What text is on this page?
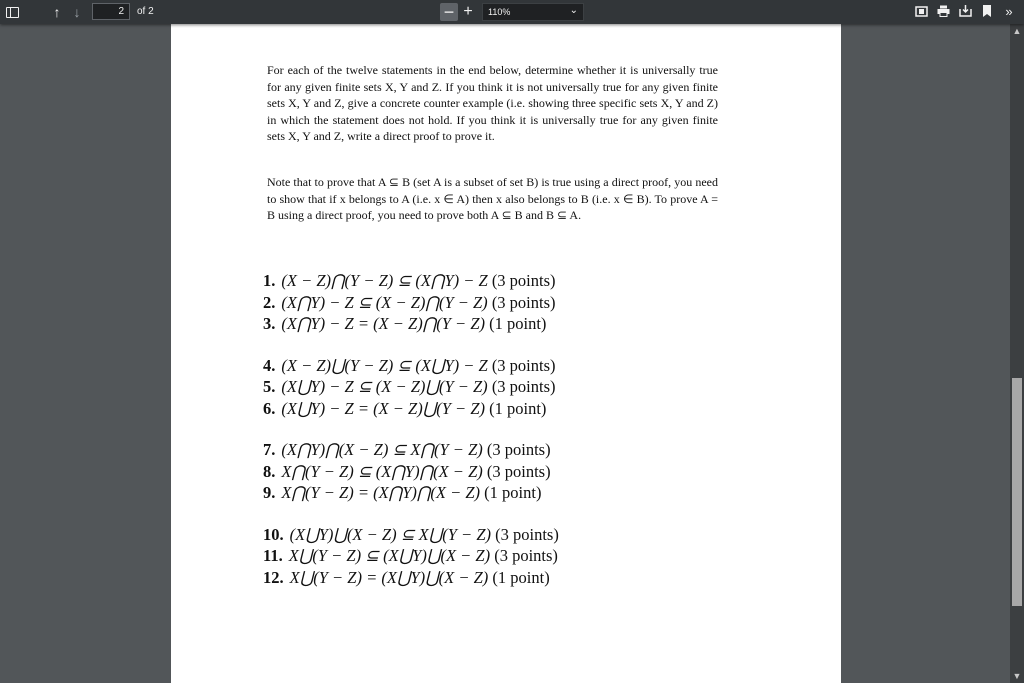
↑ ↓	2	of 2	− +	110%	⌄	»
For each of the twelve statements in the end below, determine whether it is universally true for any given finite sets X, Y and Z. If you think it is not universally true for any given finite sets X, Y and Z, give a concrete counter example (i.e. showing three specific sets X, Y and Z) in which the statement does not hold. If you think it is universally true for any given finite sets X, Y and Z, write a direct proof to prove it.
Note that to prove that A ⊆ B (set A is a subset of set B) is true using a direct proof, you need to show that if x belongs to A (i.e. x ∈ A) then x also belongs to B (i.e. x ∈ B). To prove A = B using a direct proof, you need to prove both A ⊆ B and B ⊆ A.
1. (X − Z)⋂(Y − Z) ⊆ (X⋂Y) − Z (3 points)
2. (X⋂Y) − Z ⊆ (X − Z)⋂(Y − Z) (3 points)
3. (X⋂Y) − Z = (X − Z)⋂(Y − Z) (1 point)
4. (X − Z)⋃(Y − Z) ⊆ (X⋃Y) − Z (3 points)
5. (X⋃Y) − Z ⊆ (X − Z)⋃(Y − Z) (3 points)
6. (X⋃Y) − Z = (X − Z)⋃(Y − Z) (1 point)
7. (X⋂Y)⋂(X − Z) ⊆ X⋂(Y − Z) (3 points)
8. X⋂(Y − Z) ⊆ (X⋂Y)⋂(X − Z) (3 points)
9. X⋂(Y − Z) = (X⋂Y)⋂(X − Z) (1 point)
10. (X⋃Y)⋃(X − Z) ⊆ X⋃(Y − Z) (3 points)
11. X⋃(Y − Z) ⊆ (X⋃Y)⋃(X − Z) (3 points)
12. X⋃(Y − Z) = (X⋃Y)⋃(X − Z) (1 point)
▲
▼
